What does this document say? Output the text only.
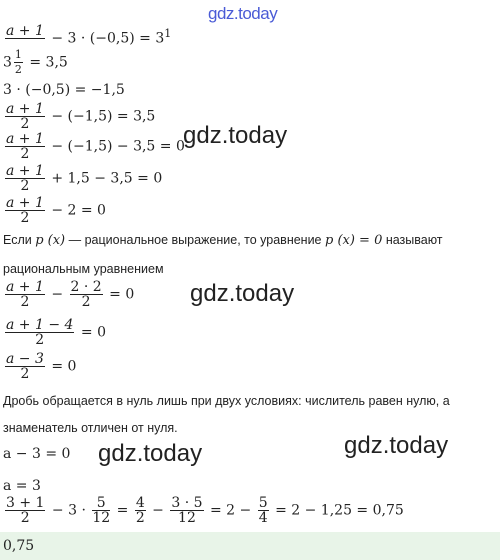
gdz.today
gdz.today
gdz.today
gdz.today
gdz.today
a + 1
− $3 \cdot (-0,5) = 3^1$
$3 \frac{1}{2} = 3,5$
3 · (−0,5) = −1,5
$\frac{a + 1}{2} - (-1,5) = 3,5$
$\frac{a + 1}{2} - (-1,5) - 3,5 = 0$
$\frac{a + 1}{2} + 1,5 - 3,5 = 0$
$\frac{a + 1}{2} - 2 = 0$
Если p (x) — рациональное выражение, то уравнение p (x) = 0 называют
рациональным уравнением
$\frac{a + 1}{2} - \frac{2 \cdot 2}{2} = 0$
$\frac{a + 1 - 4}{2} = 0$
$\frac{a - 3}{2} = 0$
Дробь обращается в нуль лишь при двух условиях: числитель равен нулю, а
знаменатель отличен от нуля.
a − 3 = 0
a = 3
$\frac{3 + 1}{2} - 3 \cdot \frac{5}{12} = \frac{4}{2} - \frac{3 \cdot 5}{12} = 2 - \frac{5}{4} = 2 - 1,25 = 0,75$
0,75
